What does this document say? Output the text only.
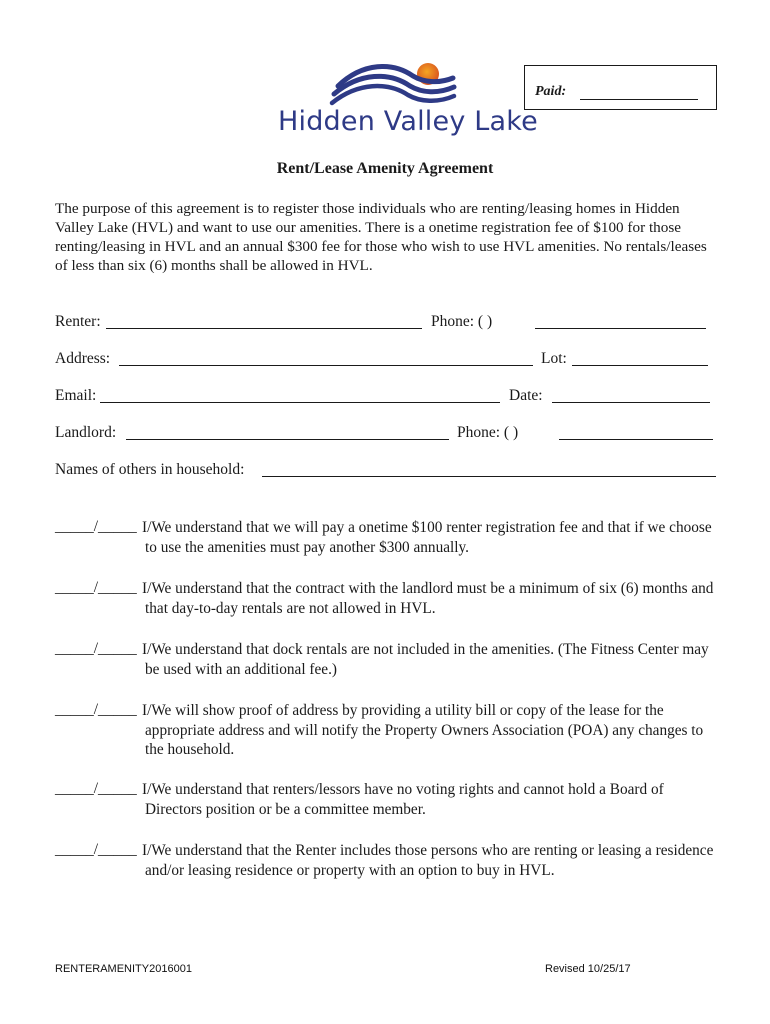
Hidden Valley Lake
Paid:
Rent/Lease Amenity Agreement
The purpose of this agreement is to register those individuals who are renting/leasing homes in Hidden Valley Lake (HVL) and want to use our amenities. There is a onetime registration fee of $100 for those renting/leasing in HVL and an annual $300 fee for those who wish to use HVL amenities. No rentals/leases of less than six (6) months shall be allowed in HVL.
Renter:	Phone: ( )
Address:	Lot:
Email:	Date:
Landlord:	Phone: ( )
Names of others in household:
_____/_____ I/We understand that we will pay a onetime $100 renter registration fee and that if we choose to use the amenities must pay another $300 annually.
_____/_____ I/We understand that the contract with the landlord must be a minimum of six (6) months and that day-to-day rentals are not allowed in HVL.
_____/_____ I/We understand that dock rentals are not included in the amenities. (The Fitness Center may be used with an additional fee.)
_____/_____ I/We will show proof of address by providing a utility bill or copy of the lease for the appropriate address and will notify the Property Owners Association (POA) any changes to the household.
_____/_____ I/We understand that renters/lessors have no voting rights and cannot hold a Board of Directors position or be a committee member.
_____/_____ I/We understand that the Renter includes those persons who are renting or leasing a residence and/or leasing residence or property with an option to buy in HVL.
RENTERAMENITY2016001	Revised 10/25/17
